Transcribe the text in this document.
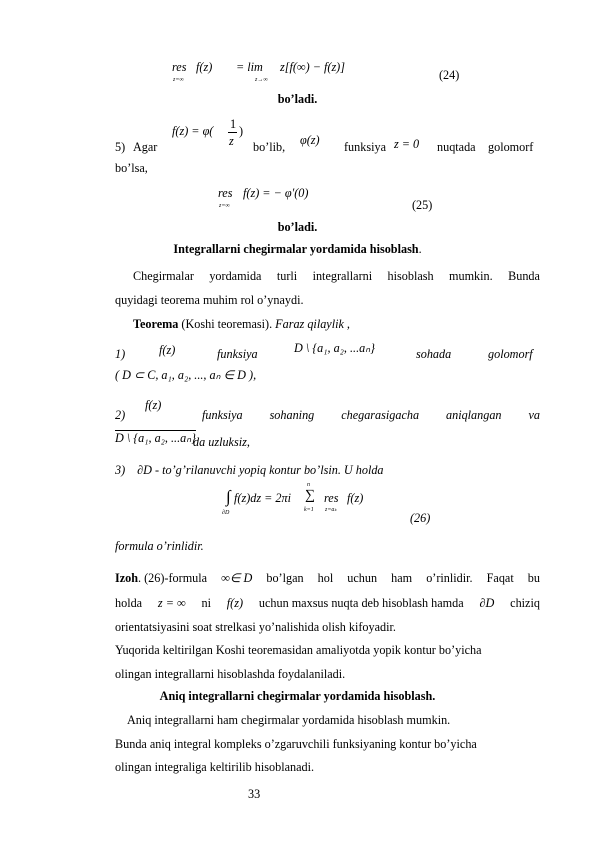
res
z=∞
f(z) = lim
z→∞
z[f(∞) − f(z)]
(24)
bo’ladi.
5) Agar
f(z) = φ( 1
z
)
bo’lib, φ(z) funksiya z = 0 nuqtada golomorf
bo’lsa,
res
z=∞
f(z) = − φ′(0)
(25)
bo’ladi.
Integrallarni chegirmalar yordamida hisoblash.
Chegirmalar yordamida turli integrallarni hisoblash mumkin. Bunda
quyidagi teorema muhim rol o’ynaydi.
Teorema (Koshi teoremasi). Faraz qilaylik ,
1)	f(z)	funksiya	D \ {a₁, a₂, ...aₙ}	sohada	golomorf
( D ⊂ C, a₁, a₂, ..., aₙ ∈ D ),
2)
f(z)
funksiya sohaning chegarasigacha aniqlangan va
D \ {a₁, a₂, ...aₙ}
da uzluksiz,
3) ∂D - to’g’rilanuvchi yopiq kontur bo’lsin. U holda
∫
∂D
f(z)dz = 2πi
n
∑
k=1
res
z=aₖ
f(z)
(26)
formula o’rinlidir.
Izoh. (26)-formula ∞∈ D bo’lgan hol uchun ham o’rinlidir. Faqat bu
holda z = ∞ ni f(z) uchun maxsus nuqta deb hisoblash hamda ∂D chiziq
orientatsiyasini soat strelkasi yo’nalishida olish kifoyadir.
Yuqorida keltirilgan Koshi teoremasidan amaliyotda yopik kontur bo’yicha
olingan integrallarni hisoblashda foydalaniladi.
Aniq integrallarni chegirmalar yordamida hisoblash.
Aniq integrallarni ham chegirmalar yordamida hisoblash mumkin.
Bunda aniq integral kompleks o’zgaruvchili funksiyaning kontur bo’yicha
olingan integraliga keltirilib hisoblanadi.
33
